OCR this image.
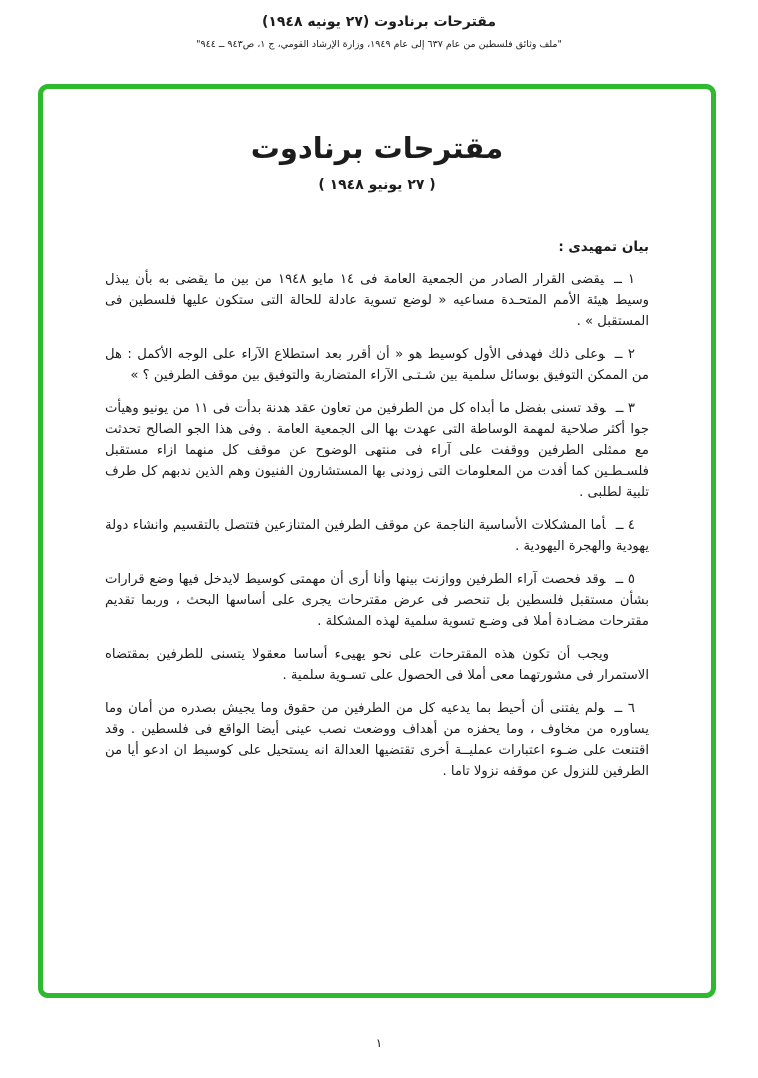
مقترحات برنادوت (٢٧ يونيه ١٩٤٨)
"ملف وثائق فلسطين من عام ٦٣٧ إلى عام ١٩٤٩، وزارة الإرشاد القومي، ج ١، ص٩٤٣ ــ ٩٤٤"
مقترحات برنادوت
( ٢٧ يونيو ١٩٤٨ )
بيان تمهيدى :

١ ــيقضى القرار الصادر من الجمعية العامة فى ١٤ مايو ١٩٤٨ من بين ما يقضى به بأن يبذل وسيط هيئة الأمم المتحـدة مساعيه « لوضع تسوية عادلة للحالة التى ستكون عليها فلسطين فى المستقبل » .

٢ ــوعلى ذلك فهدفى الأول كوسيط هو « أن أقرر بعد استطلاع الآراء على الوجه الأكمل : هل من الممكن التوفيق بوسائل سلمية بين شـتـى الآراء المتضاربة والتوفيق بين موقف الطرفين ؟ »

٣ ــوقد تسنى بفضل ما أبداه كل من الطرفين من تعاون عقد هدنة بدأت فى ١١ من يونيو وهيأت جوا أكثر صلاحية لمهمة الوساطة التى عهدت بها الى الجمعية العامة . وفى هذا الجو الصالح تحدثت مع ممثلى الطرفين ووقفت على آراء فى منتهى الوضوح عن موقف كل منهما ازاء مستقبل فلسـطـين كما أفدت من المعلومات التى زودنى بها المستشارون الفنيون وهم الذين ندبهم كل طرف تلبية لطلبى .

٤ ــأما المشكلات الأساسية الناجمة عن موقف الطرفين المتنازعين فتتصل بالتقسيم وانشاء دولة يهودية والهجرة اليهودية .

٥ ــوقد فحصت آراء الطرفين ووازنت بينها وأنا أرى أن مهمتى كوسيط لايدخل فيها وضع قرارات بشأن مستقبل فلسطين بل تنحصر فى عرض مقترحات يجرى على أساسها البحث ، وربما تقديم مقترحات مضـادة أملا فى وضـع تسوية سلمية لهذه المشكلة .

ويجب أن تكون هذه المقترحات على نحو يهيىء أساسا معقولا يتسنى للطرفين بمقتضاه الاستمرار فى مشورتهما معى أملا فى الحصول على تسـوية سلمية .

٦ ــولم يفتنى أن أحيط بما يدعيه كل من الطرفين من حقوق وما يجيش بصدره من أمان وما يساوره من مخاوف ، وما يحفزه من أهداف ووضعت نصب عينى أيضا الواقع فى فلسطين . وقد اقتنعت على ضـوء اعتبارات عمليــة أخرى تقتضيها العدالة انه يستحيل على كوسيط ان ادعو أيا من الطرفين للنزول عن موقفه نزولا تاما .

١
